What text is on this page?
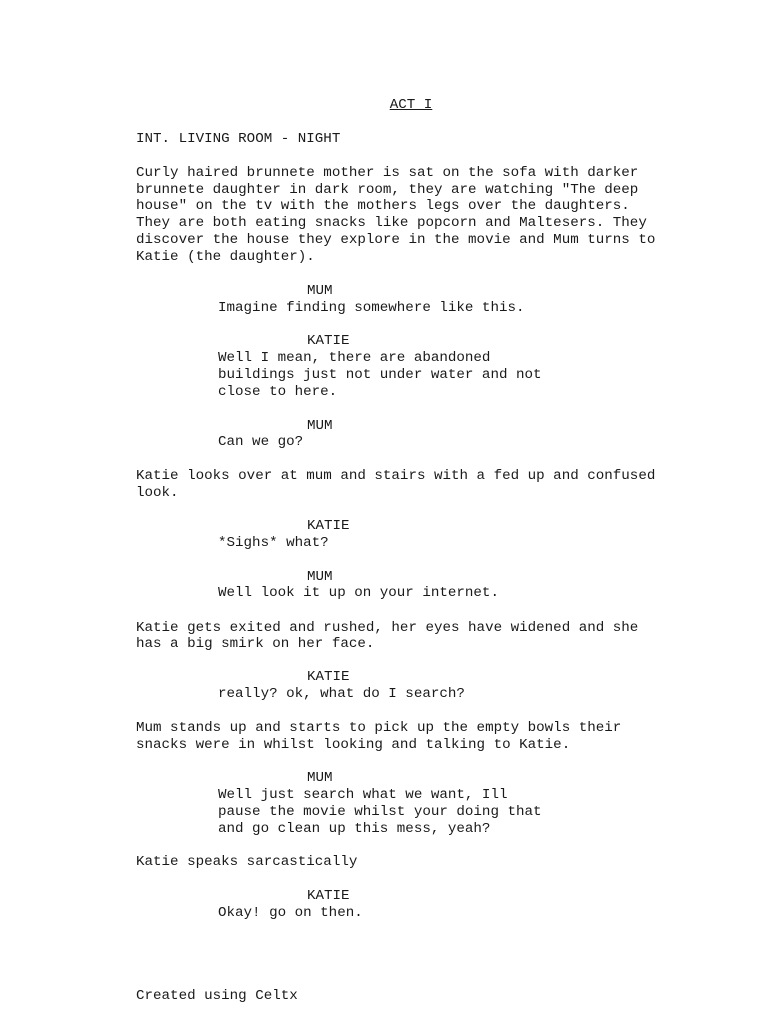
ACT I
INT. LIVING ROOM - NIGHT
Curly haired brunnete mother is sat on the sofa with darker
brunnete daughter in dark room, they are watching "The deep
house" on the tv with the mothers legs over the daughters.
They are both eating snacks like popcorn and Maltesers. They
discover the house they explore in the movie and Mum turns to
Katie (the daughter).
MUM
Imagine finding somewhere like this.
KATIE
Well I mean, there are abandoned
buildings just not under water and not
close to here.
MUM
Can we go?
Katie looks over at mum and stairs with a fed up and confused
look.
KATIE
*Sighs* what?
MUM
Well look it up on your internet.
Katie gets exited and rushed, her eyes have widened and she
has a big smirk on her face.
KATIE
really? ok, what do I search?
Mum stands up and starts to pick up the empty bowls their
snacks were in whilst looking and talking to Katie.
MUM
Well just search what we want, Ill
pause the movie whilst your doing that
and go clean up this mess, yeah?
Katie speaks sarcastically
KATIE
Okay! go on then.
Created using Celtx
